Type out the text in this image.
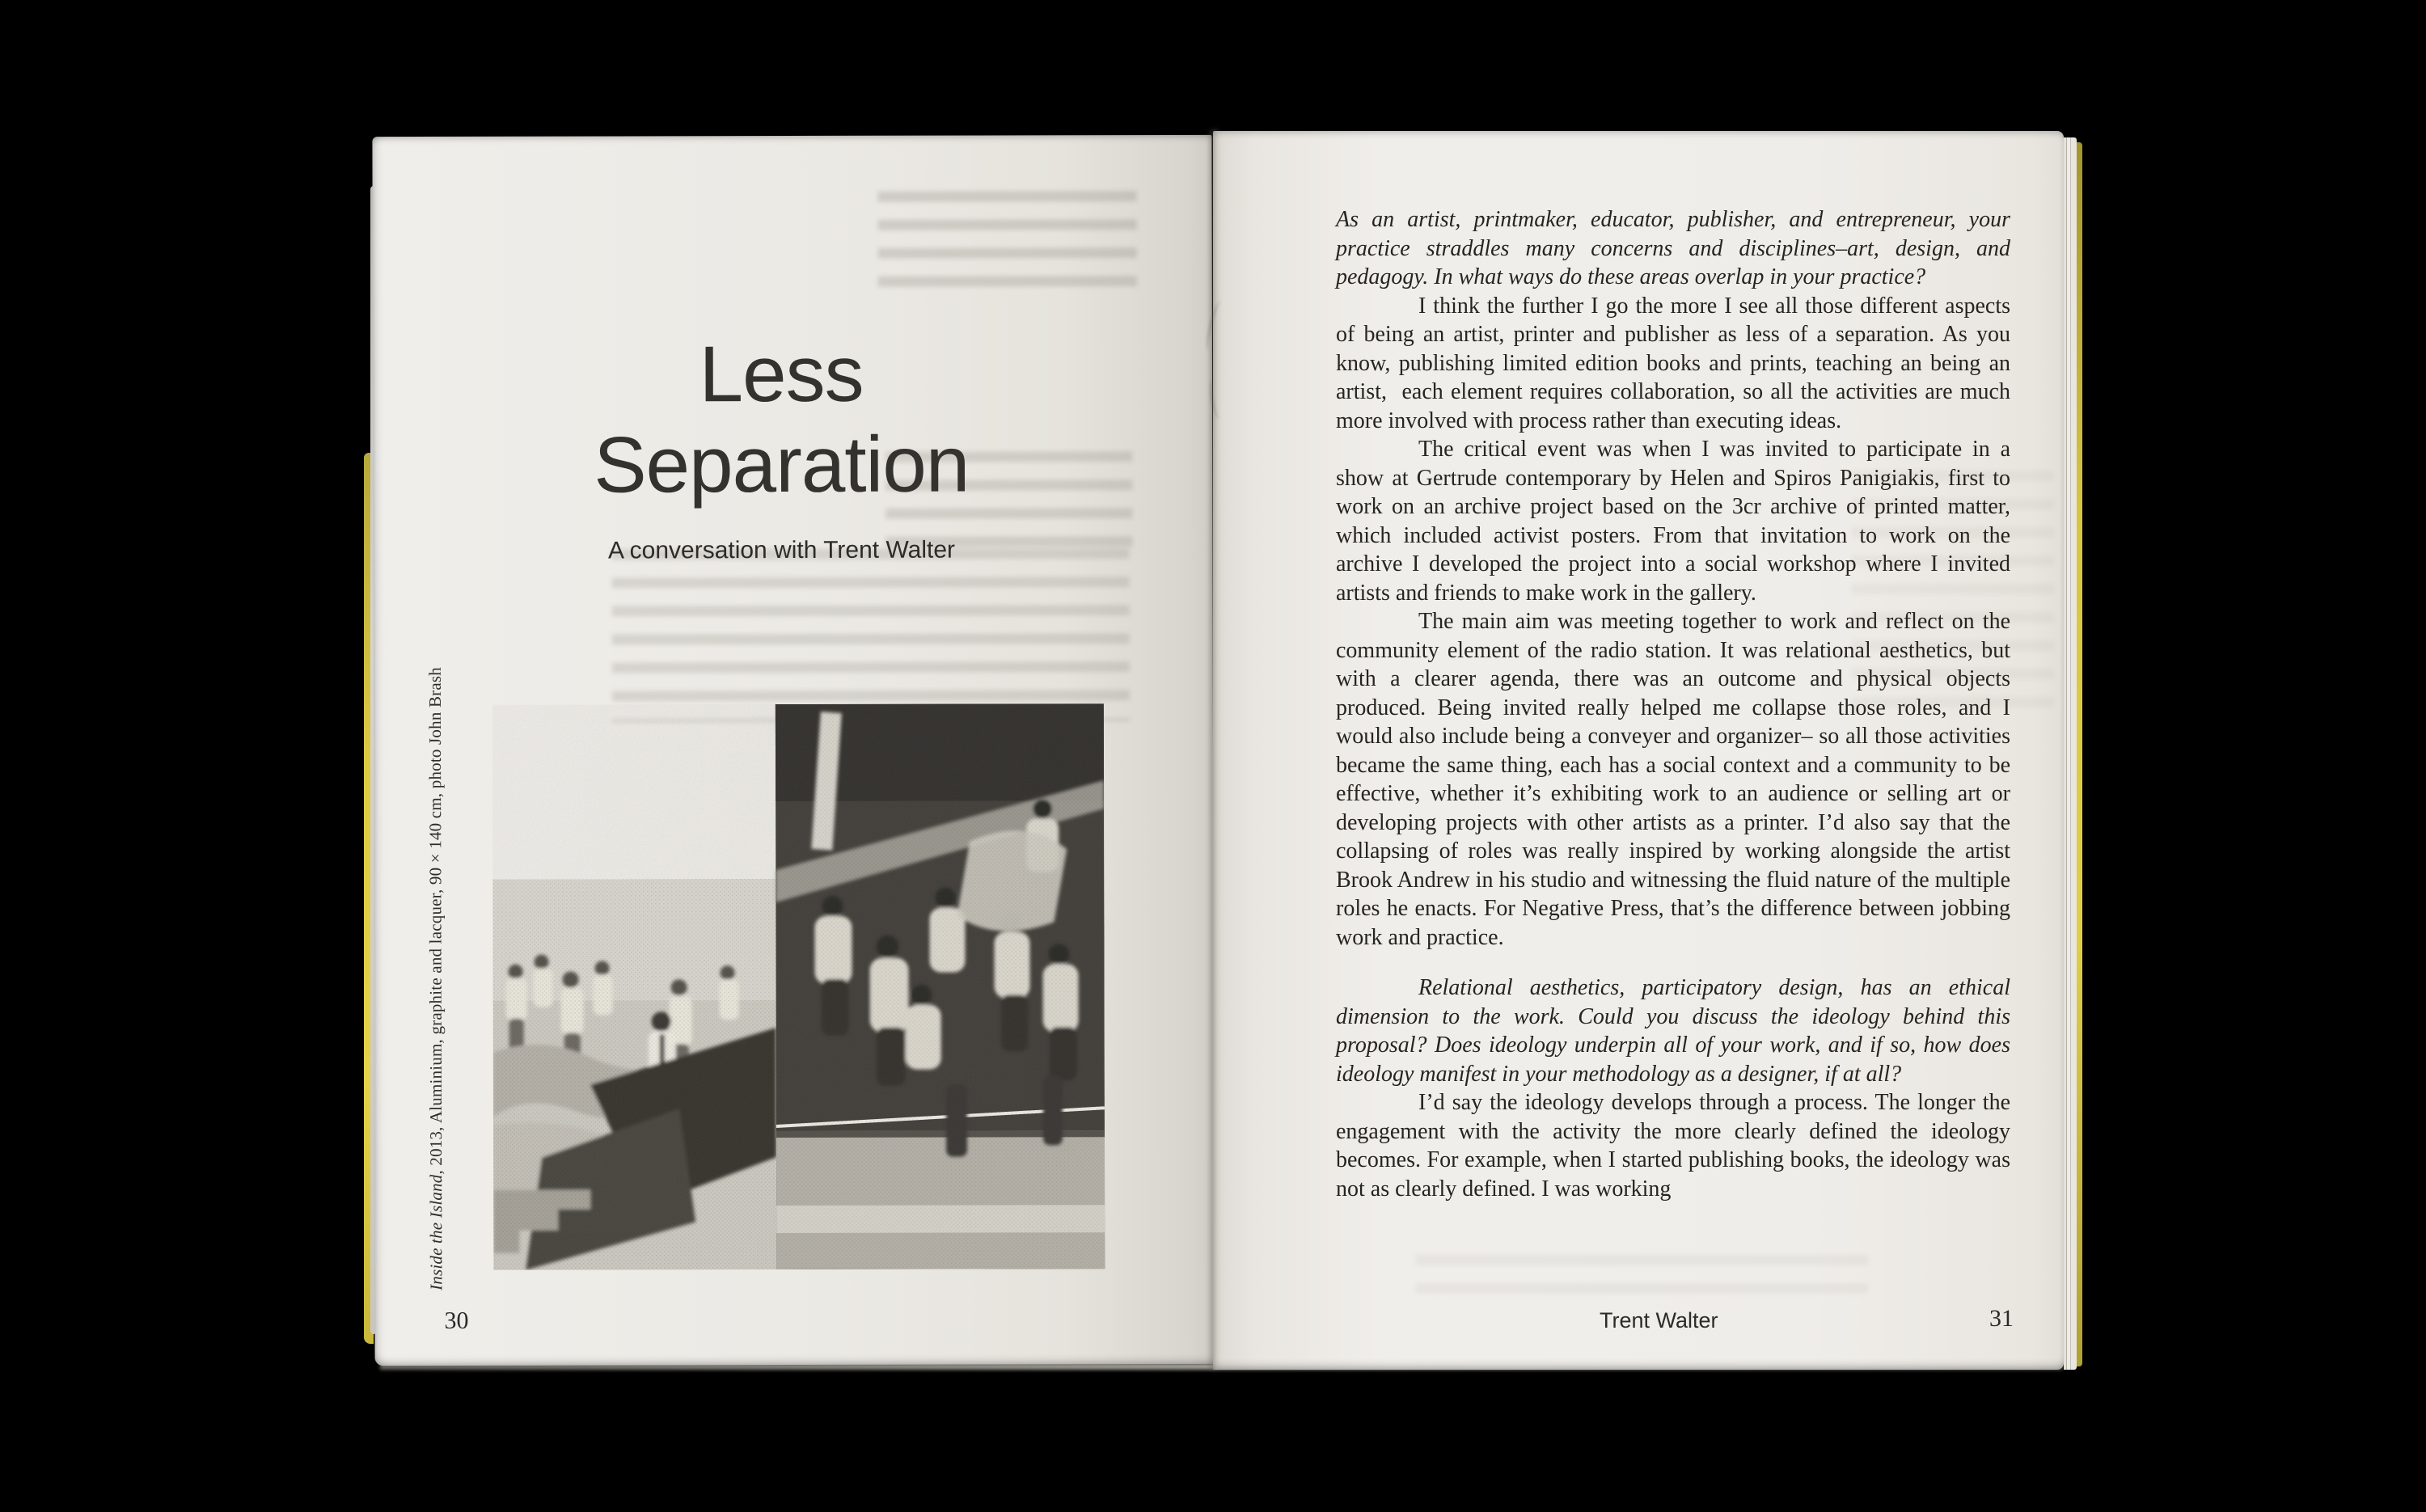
Less
Separation
A conversation with Trent Walter
Inside the Island, 2013, Aluminium, graphite and lacquer, 90 × 140 cm, photo John Brash
30

As an artist, printmaker, educator, publisher, and entrepreneur, your practice straddles many concerns and disciplines–art, design, and pedagogy. In what ways do these areas overlap in your practice?

I think the further I go the more I see all those different aspects of being an artist, printer and publisher as less of a separation. As you know, publishing limited edition books and prints, teaching an being an artist,  each element requires collaboration, so all the activities are much more involved with process rather than executing ideas.

The critical event was when I was invited to participate in a show at Gertrude contemporary by Helen and Spiros Panigiakis, first to work on an archive project based on the 3cr archive of printed matter, which included activist posters. From that invitation to work on the archive I developed the project into a social workshop where I invited artists and friends to make work in the gallery.

The main aim was meeting together to work and reflect on the community element of the radio station. It was relational aesthetics, but with a clearer agenda, there was an outcome and physical objects produced. Being invited really helped me collapse those roles, and I would also include being a conveyer and organizer– so all those activities became the same thing, each has a social context and a community to be effective, whether it’s exhibiting work to an audience or selling art or developing projects with other artists as a printer. I’d also say that the collapsing of roles was really inspired by working alongside the artist Brook Andrew in his studio and witnessing the fluid nature of the multiple roles he enacts. For Negative Press, that’s the difference between jobbing work and practice.

Relational aesthetics, participatory design, has an ethical dimension to the work. Could you discuss the ideology behind this proposal? Does ideology underpin all of your work, and if so, how does ideology manifest in your methodology as a designer, if at all?

I’d say the ideology develops through a process. The longer the engagement with the activity the more clearly defined the ideology becomes. For example, when I started publishing books, the ideology was not as clearly defined. I was working

Trent Walter	31
